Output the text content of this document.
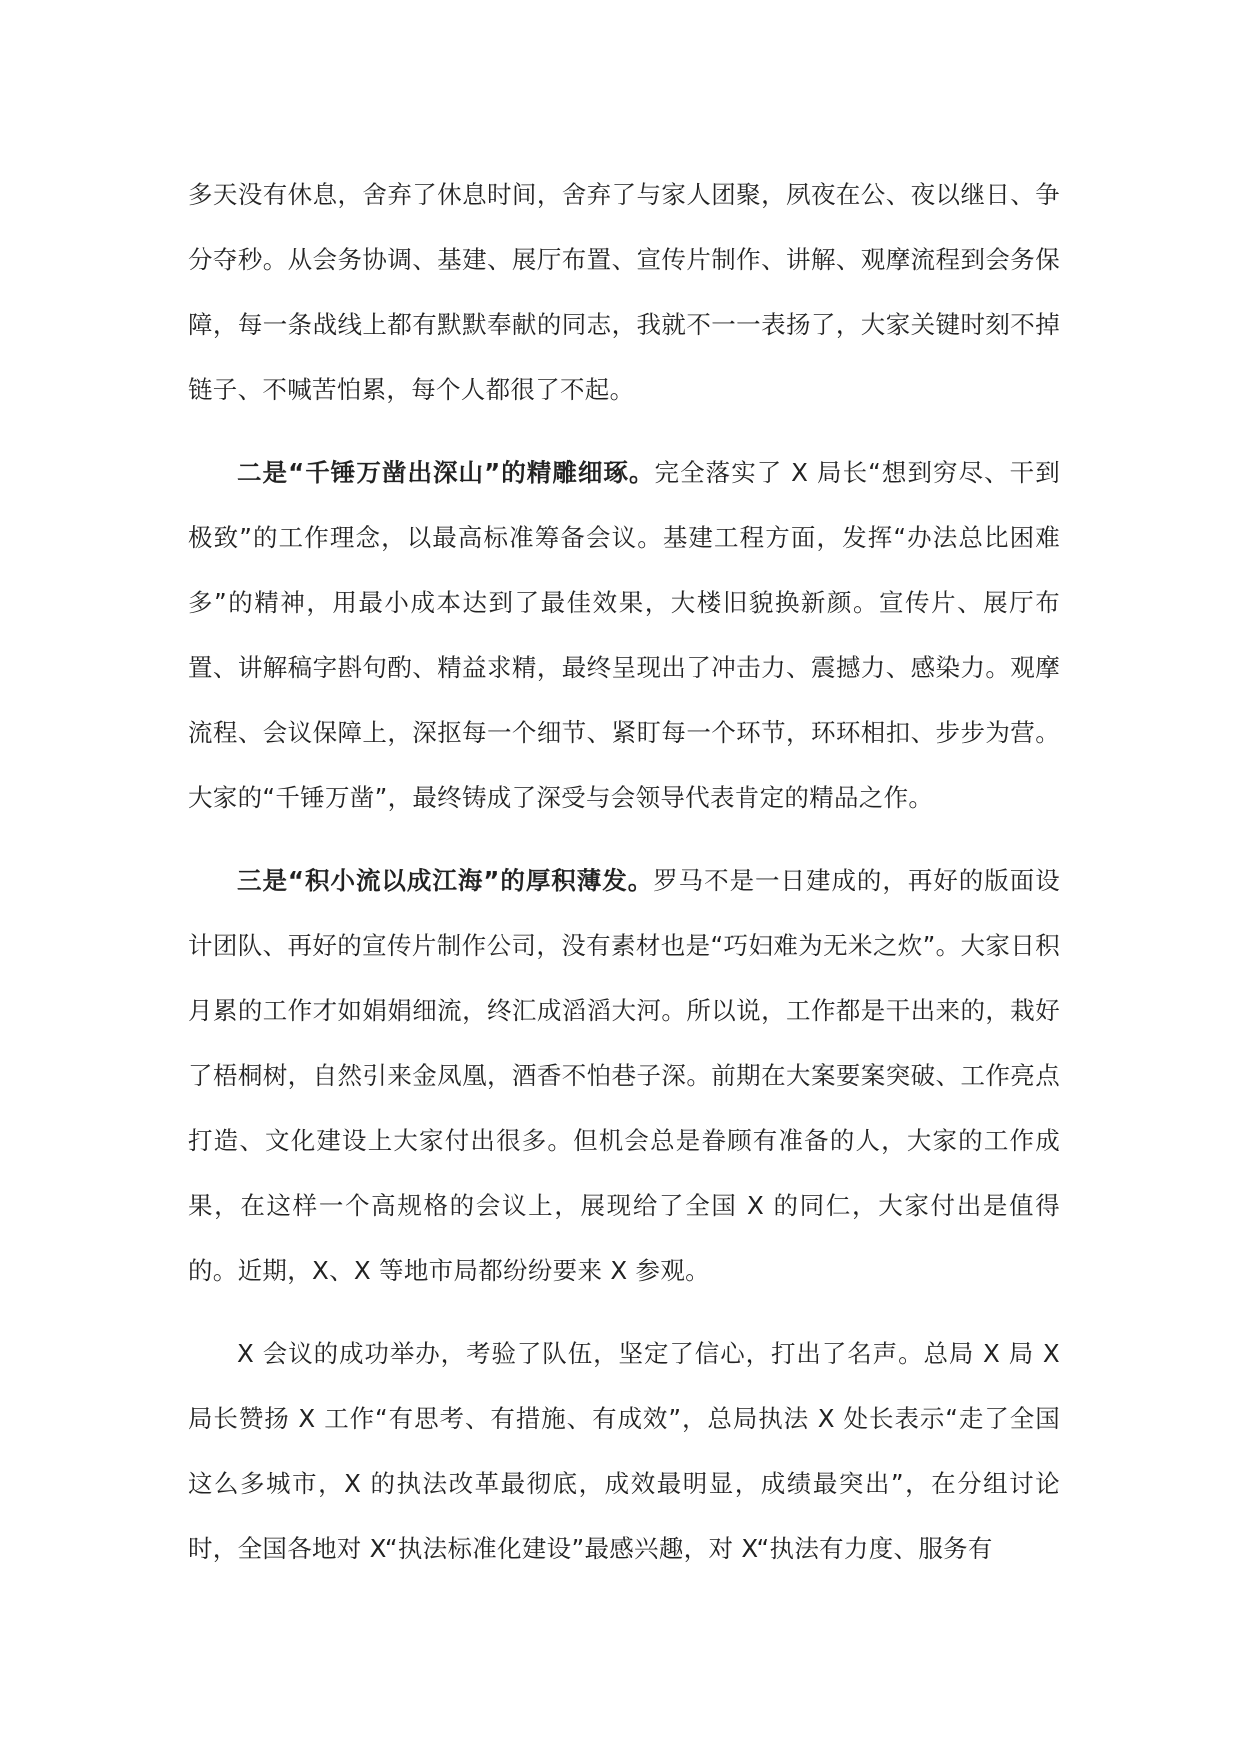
多天没有休息，舍弃了休息时间，舍弃了与家人团聚，夙夜在公、夜以继日、争分夺秒。从会务协调、基建、展厅布置、宣传片制作、讲解、观摩流程到会务保障，每一条战线上都有默默奉献的同志，我就不一一表扬了，大家关键时刻不掉链子、不喊苦怕累，每个人都很了不起。

二是“千锤万凿出深山”的精雕细琢。完全落实了 X 局长“想到穷尽、干到极致”的工作理念，以最高标准筹备会议。基建工程方面，发挥“办法总比困难多”的精神，用最小成本达到了最佳效果，大楼旧貌换新颜。宣传片、展厅布置、讲解稿字斟句酌、精益求精，最终呈现出了冲击力、震撼力、感染力。观摩流程、会议保障上，深抠每一个细节、紧盯每一个环节，环环相扣、步步为营。大家的“千锤万凿”，最终铸成了深受与会领导代表肯定的精品之作。

三是“积小流以成江海”的厚积薄发。罗马不是一日建成的，再好的版面设计团队、再好的宣传片制作公司，没有素材也是“巧妇难为无米之炊”。大家日积月累的工作才如娟娟细流，终汇成滔滔大河。所以说，工作都是干出来的，栽好了梧桐树，自然引来金凤凰，酒香不怕巷子深。前期在大案要案突破、工作亮点打造、文化建设上大家付出很多。但机会总是眷顾有准备的人，大家的工作成果，在这样一个高规格的会议上，展现给了全国 X 的同仁，大家付出是值得的。近期，X、X 等地市局都纷纷要来 X 参观。

X 会议的成功举办，考验了队伍，坚定了信心，打出了名声。总局 X 局 X 局长赞扬 X 工作“有思考、有措施、有成效”，总局执法 X 处长表示“走了全国这么多城市，X 的执法改革最彻底，成效最明显，成绩最突出”，在分组讨论时，全国各地对 X“执法标准化建设”最感兴趣，对 X“执法有力度、服务有
